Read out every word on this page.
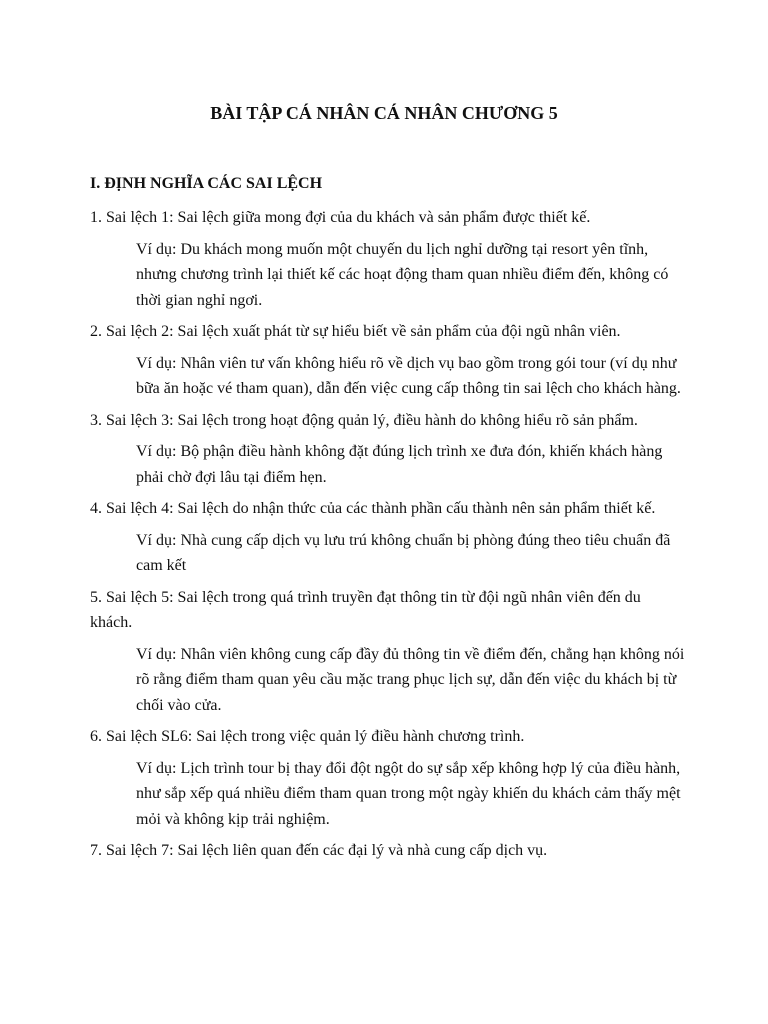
BÀI TẬP CÁ NHÂN CÁ NHÂN CHƯƠNG 5
I. ĐỊNH NGHĨA CÁC SAI LỆCH

1. Sai lệch 1: Sai lệch giữa mong đợi của du khách và sản phẩm được thiết kế.

Ví dụ: Du khách mong muốn một chuyến du lịch nghỉ dưỡng tại resort yên tĩnh, nhưng chương trình lại thiết kế các hoạt động tham quan nhiều điểm đến, không có thời gian nghỉ ngơi.

2. Sai lệch 2: Sai lệch xuất phát từ sự hiểu biết về sản phẩm của đội ngũ nhân viên.

Ví dụ: Nhân viên tư vấn không hiểu rõ về dịch vụ bao gồm trong gói tour (ví dụ như bữa ăn hoặc vé tham quan), dẫn đến việc cung cấp thông tin sai lệch cho khách hàng.

3. Sai lệch 3: Sai lệch trong hoạt động quản lý, điều hành do không hiểu rõ sản phẩm.

Ví dụ: Bộ phận điều hành không đặt đúng lịch trình xe đưa đón, khiến khách hàng phải chờ đợi lâu tại điểm hẹn.

4. Sai lệch 4: Sai lệch do nhận thức của các thành phần cấu thành nên sản phẩm thiết kế.

Ví dụ: Nhà cung cấp dịch vụ lưu trú không chuẩn bị phòng đúng theo tiêu chuẩn đã cam kết

5. Sai lệch 5: Sai lệch trong quá trình truyền đạt thông tin từ đội ngũ nhân viên đến du khách.

Ví dụ: Nhân viên không cung cấp đầy đủ thông tin về điểm đến, chẳng hạn không nói rõ rằng điểm tham quan yêu cầu mặc trang phục lịch sự, dẫn đến việc du khách bị từ chối vào cửa.

6. Sai lệch SL6: Sai lệch trong việc quản lý điều hành chương trình.

Ví dụ: Lịch trình tour bị thay đổi đột ngột do sự sắp xếp không hợp lý của điều hành, như sắp xếp quá nhiều điểm tham quan trong một ngày khiến du khách cảm thấy mệt mỏi và không kịp trải nghiệm.

7. Sai lệch 7: Sai lệch liên quan đến các đại lý và nhà cung cấp dịch vụ.
